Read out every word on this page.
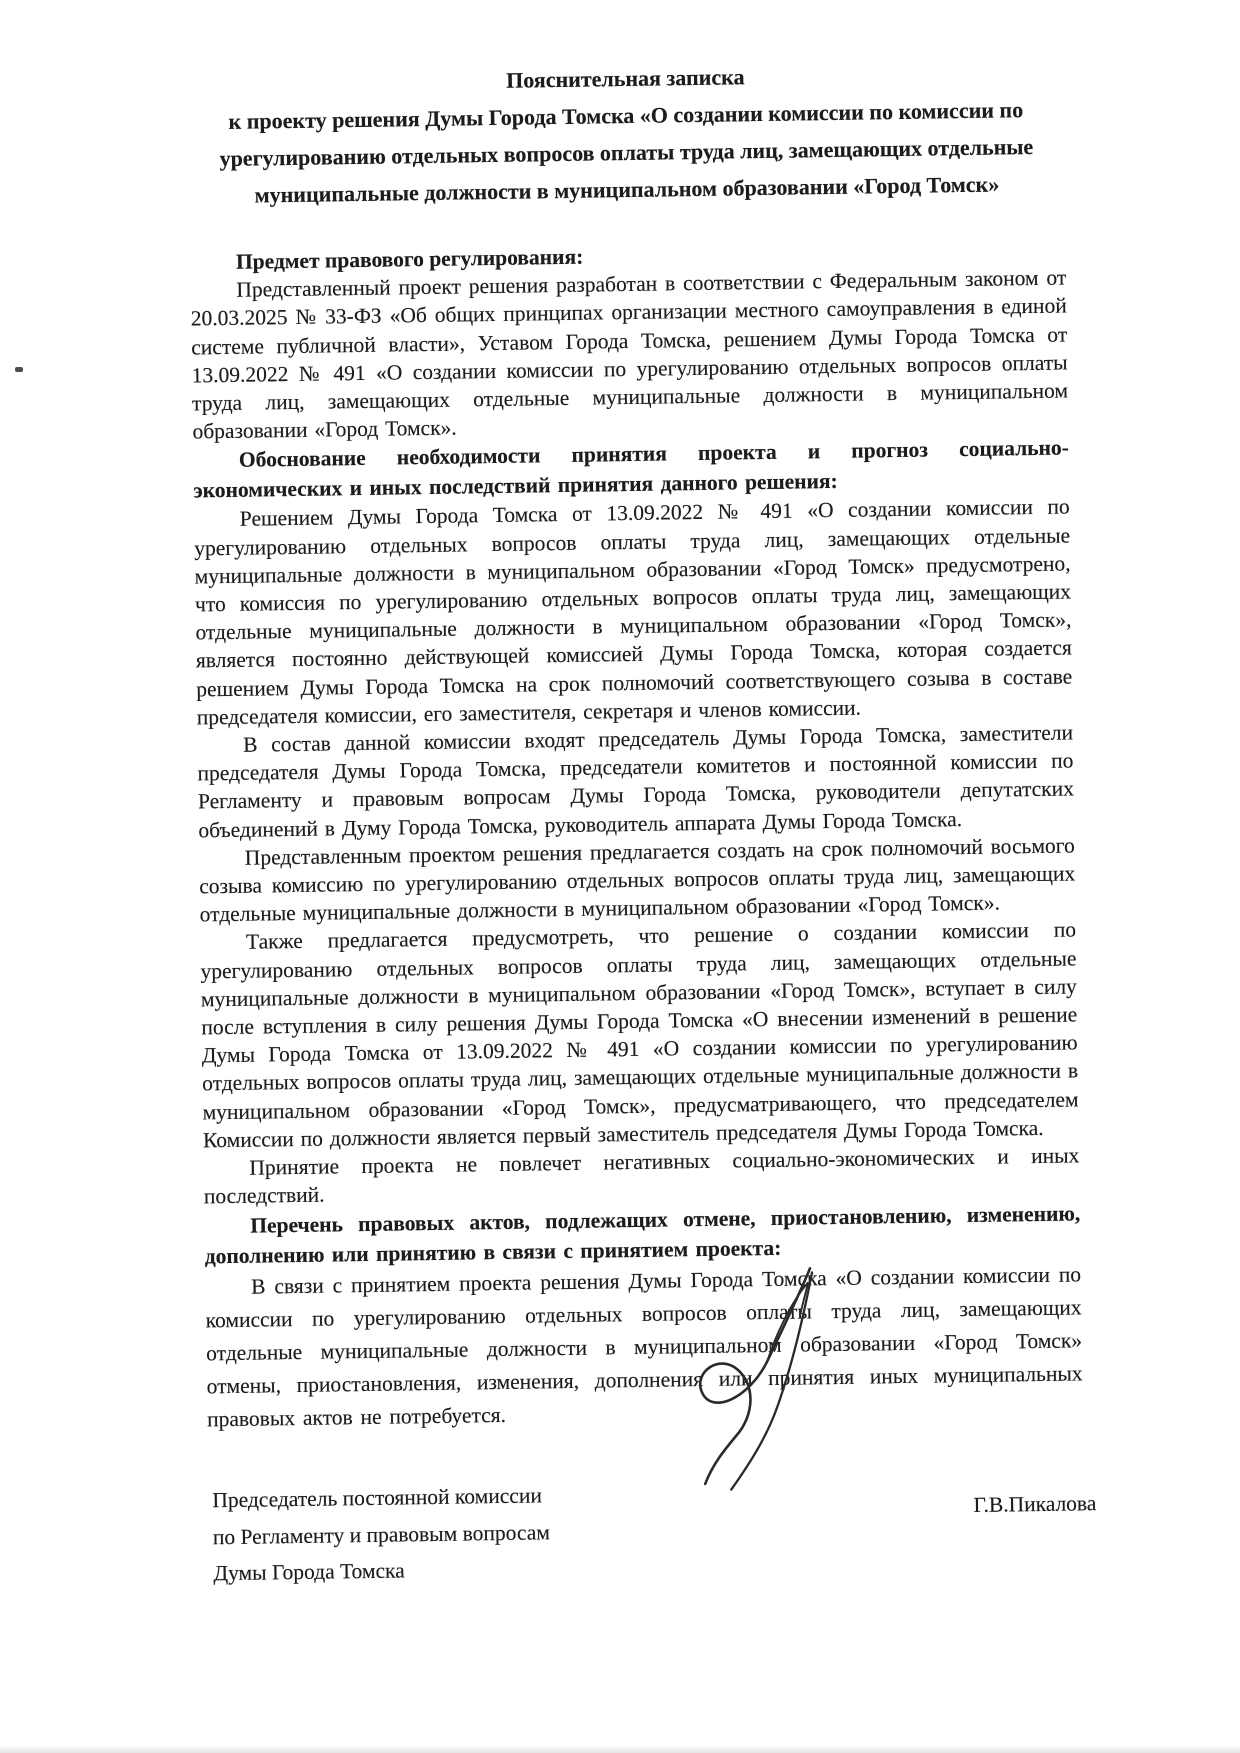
Пояснительная записка
к проекту решения Думы Города Томска «О создании комиссии по комиссии по
урегулированию отдельных вопросов оплаты труда лиц, замещающих отдельные
муниципальные должности в муниципальном образовании «Город Томск»

Предмет правового регулирования:

Представленный проект решения разработан в соответствии с Федеральным законом от 20.03.2025 № 33-ФЗ «Об общих принципах организации местного самоуправления в единой системе публичной власти», Уставом Города Томска, решением Думы Города Томска от 13.09.2022 № 491 «О создании комиссии по урегулированию отдельных вопросов оплаты труда лиц, замещающих отдельные муниципальные должности в муниципальном образовании «Город Томск».

Обоснование необходимости принятия проекта и прогноз социально-экономических и иных последствий принятия данного решения:

Решением Думы Города Томска от 13.09.2022 № 491 «О создании комиссии по урегулированию отдельных вопросов оплаты труда лиц, замещающих отдельные муниципальные должности в муниципальном образовании «Город Томск» предусмотрено, что комиссия по урегулированию отдельных вопросов оплаты труда лиц, замещающих отдельные муниципальные должности в муниципальном образовании «Город Томск», является постоянно действующей комиссией Думы Города Томска, которая создается решением Думы Города Томска на срок полномочий соответствующего созыва в составе председателя комиссии, его заместителя, секретаря и членов комиссии.

В состав данной комиссии входят председатель Думы Города Томска, заместители председателя Думы Города Томска, председатели комитетов и постоянной комиссии по Регламенту и правовым вопросам Думы Города Томска, руководители депутатских объединений в Думу Города Томска, руководитель аппарата Думы Города Томска.

Представленным проектом решения предлагается создать на срок полномочий восьмого созыва комиссию по урегулированию отдельных вопросов оплаты труда лиц, замещающих отдельные муниципальные должности в муниципальном образовании «Город Томск».

Также предлагается предусмотреть, что решение о создании комиссии по урегулированию отдельных вопросов оплаты труда лиц, замещающих отдельные муниципальные должности в муниципальном образовании «Город Томск», вступает в силу после вступления в силу решения Думы Города Томска «О внесении изменений в решение Думы Города Томска от 13.09.2022 № 491 «О создании комиссии по урегулированию отдельных вопросов оплаты труда лиц, замещающих отдельные муниципальные должности в муниципальном образовании «Город Томск», предусматривающего, что председателем Комиссии по должности является первый заместитель председателя Думы Города Томска.

Принятие проекта не повлечет негативных социально-экономических и иных последствий.

Перечень правовых актов, подлежащих отмене, приостановлению, изменению, дополнению или принятию в связи с принятием проекта:

В связи с принятием проекта решения Думы Города Томска «О создании комиссии по комиссии по урегулированию отдельных вопросов оплаты труда лиц, замещающих отдельные муниципальные должности в муниципальном образовании «Город Томск» отмены, приостановления, изменения, дополнения или принятия иных муниципальных правовых актов не потребуется.

Председатель постоянной комиссии
по Регламенту и правовым вопросам
Думы Города Томска
Г.В.Пикалова
